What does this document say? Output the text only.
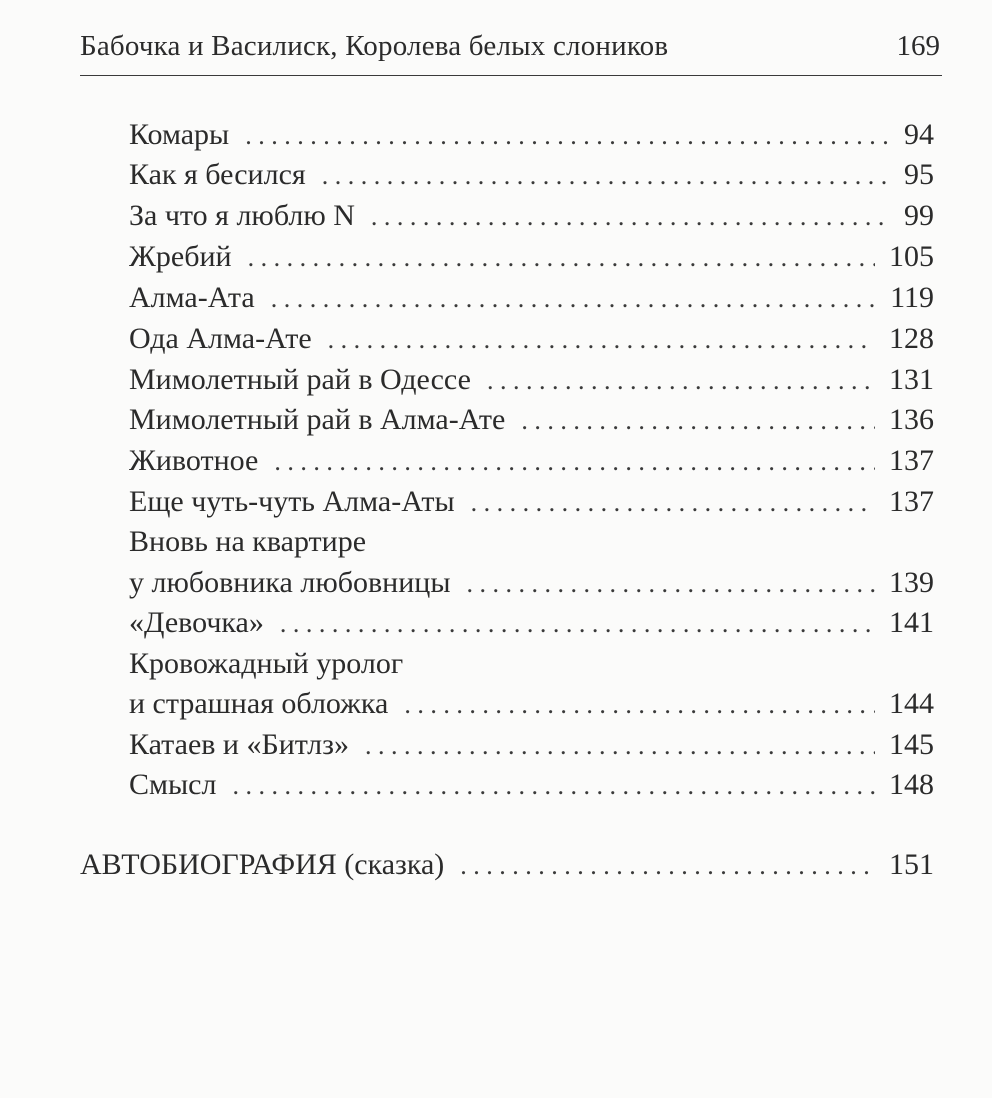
Бабочка и Василиск, Королева белых слоников	169
Комары . . .	94
Как я бесился . . .	95
За что я люблю N . . .	99
Жребий . . .	105
Алма-Ата . . .	119
Ода Алма-Ате . . .	128
Мимолетный рай в Одессе . . .	131
Мимолетный рай в Алма-Ате . . .	136
Животное . . .	137
Еще чуть-чуть Алма-Аты . . .	137
Вновь на квартире
у любовника любовницы . . .	139
«Девочка» . . .	141
Кровожадный уролог
и страшная обложка . . .	144
Катаев и «Битлз» . . .	145
Смысл . . .	148
АВТОБИОГРАФИЯ (сказка) . . .	151
